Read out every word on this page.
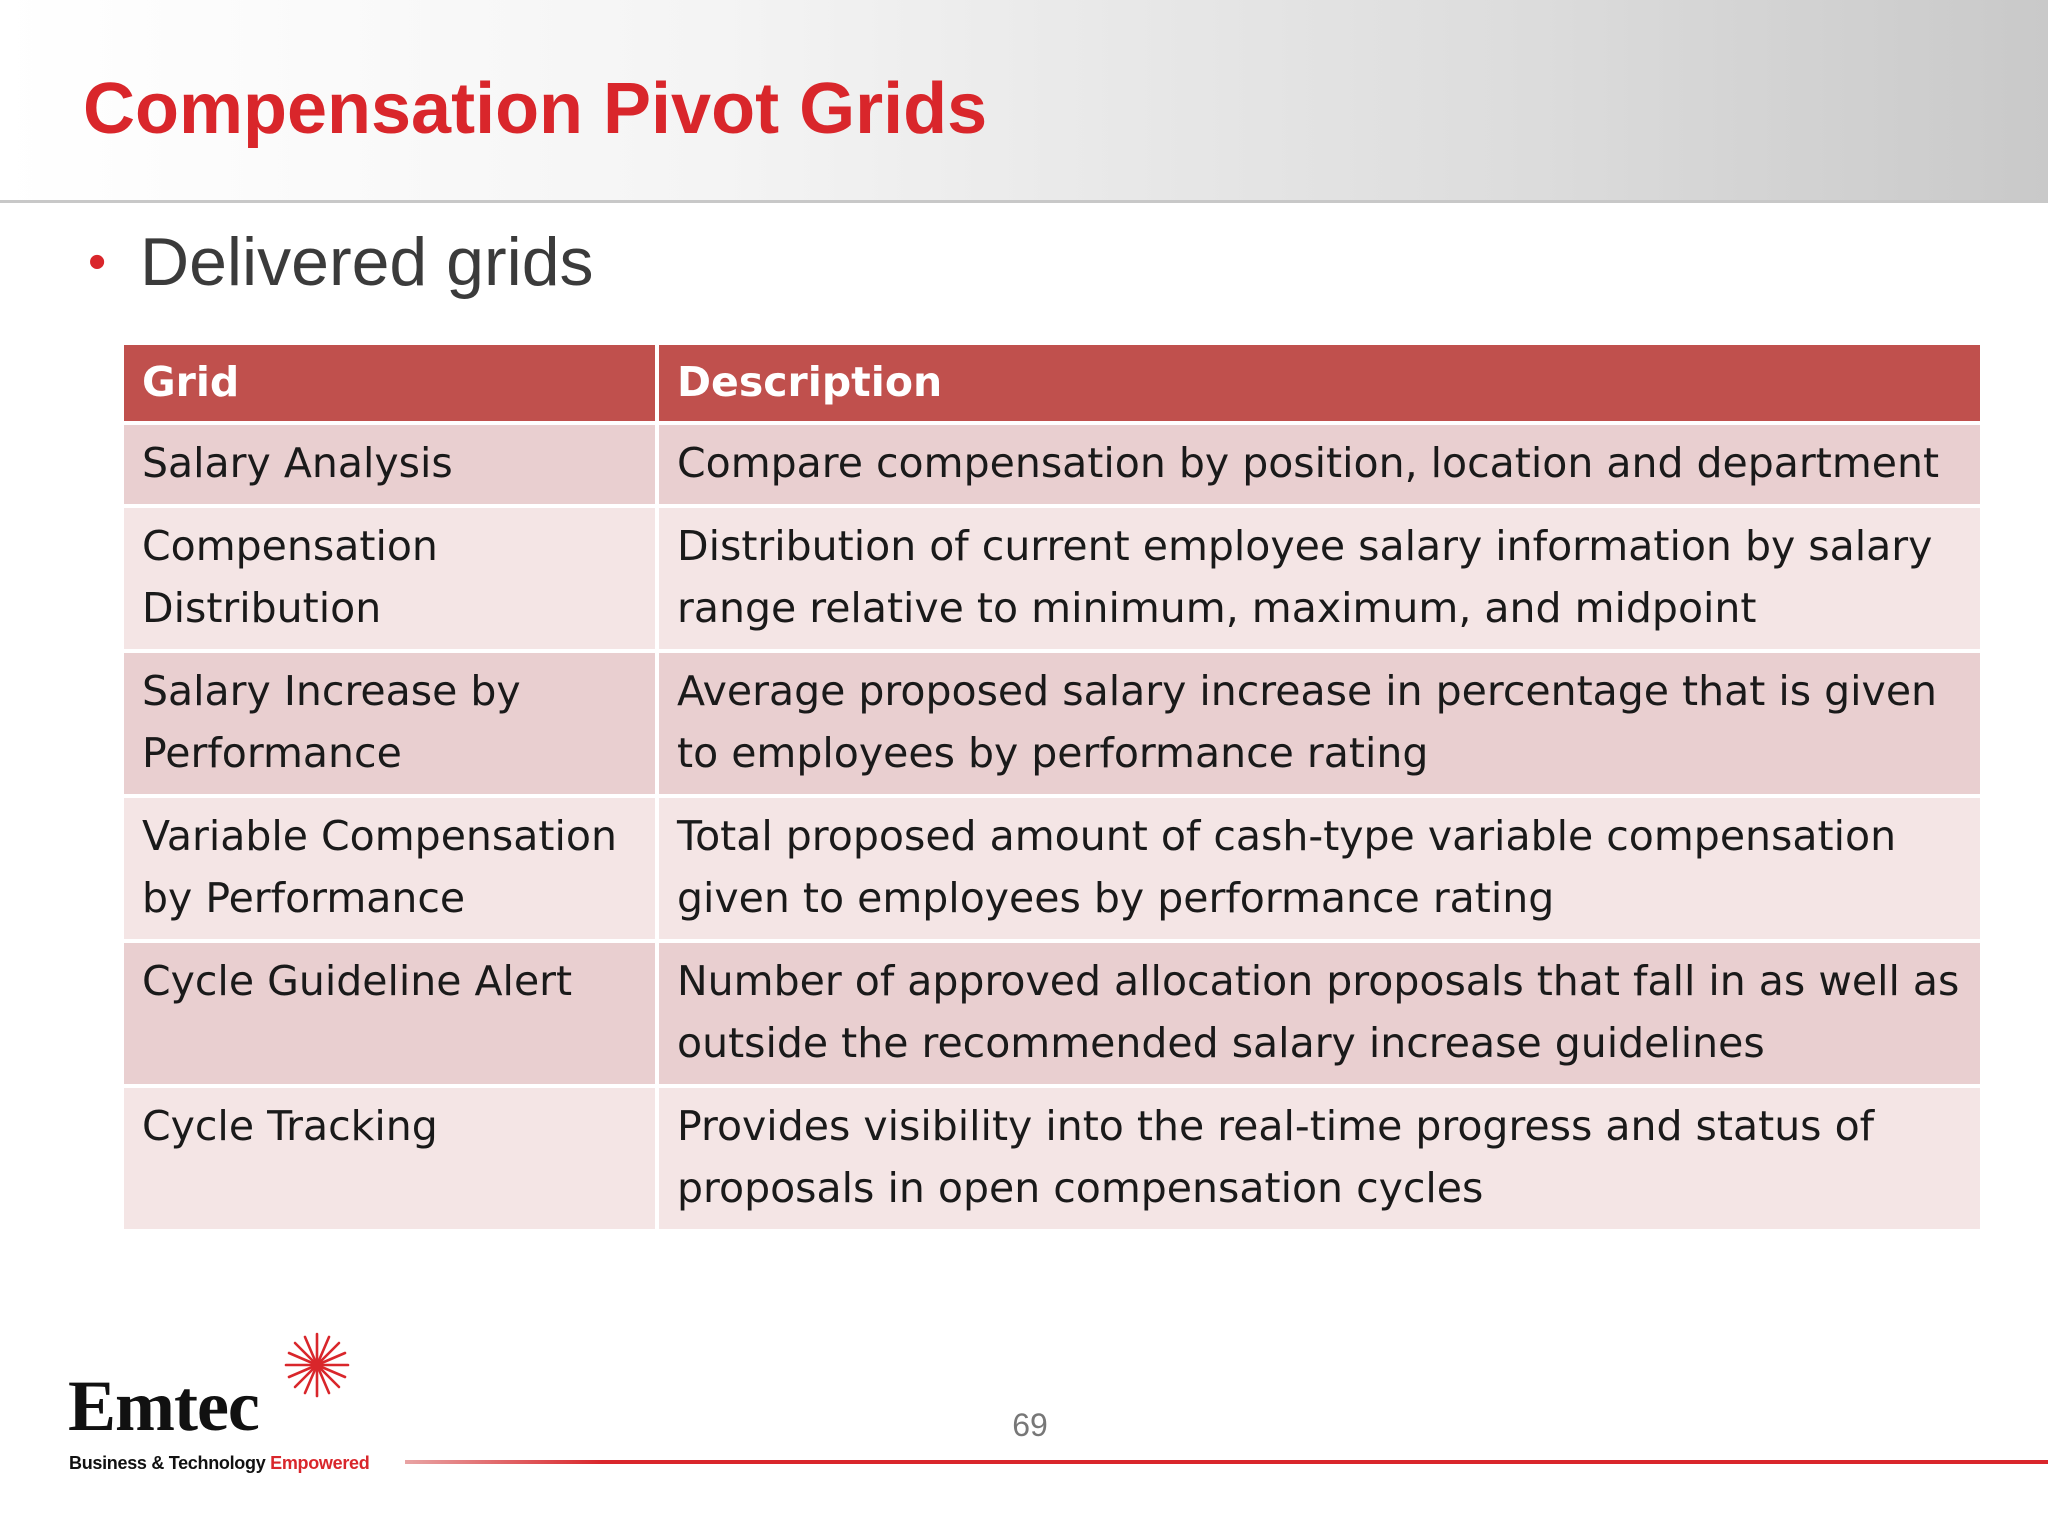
Compensation Pivot Grids
• Delivered grids
Grid	Description
Salary Analysis	Compare compensation by position, location and department
Compensation Distribution	Distribution of current employee salary information by salary range relative to minimum, maximum, and midpoint
Salary Increase by Performance	Average proposed salary increase in percentage that is given to employees by performance rating
Variable Compensation by Performance	Total proposed amount of cash-type variable compensation given to employees by performance rating
Cycle Guideline Alert	Number of approved allocation proposals that fall in as well as outside the recommended salary increase guidelines
Cycle Tracking	Provides visibility into the real-time progress and status of proposals in open compensation cycles
Emtec
Business & Technology Empowered
69
